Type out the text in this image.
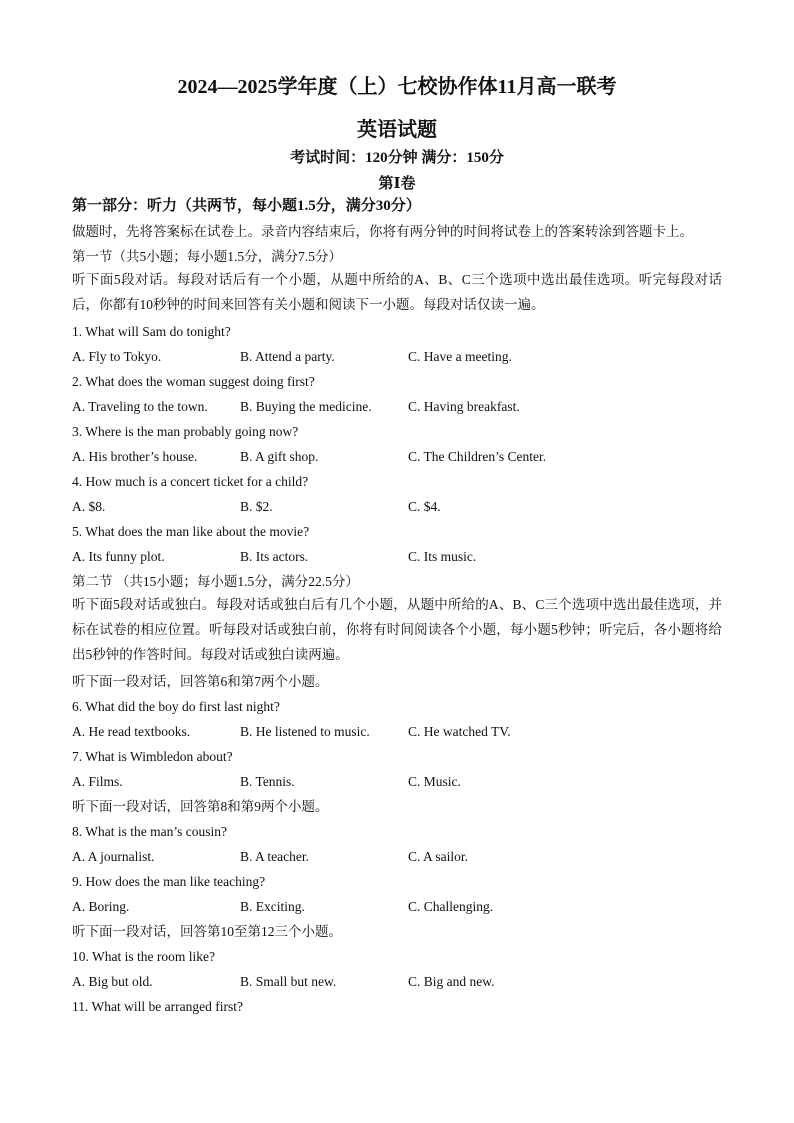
2024—2025学年度（上）七校协作体11月高一联考
英语试题
考试时间：120分钟 满分：150分
第Ⅰ卷
第一部分：听力（共两节，每小题1.5分，满分30分）
做题时，先将答案标在试卷上。录音内容结束后，你将有两分钟的时间将试卷上的答案转涂到答题卡上。
第一节（共5小题；每小题1.5分，满分7.5分）
听下面5段对话。每段对话后有一个小题，从题中所给的A、B、C三个选项中选出最佳选项。听完每段对话后，你都有10秒钟的时间来回答有关小题和阅读下一小题。每段对话仅读一遍。
1. What will Sam do tonight?
A. Fly to Tokyo.	B. Attend a party.	C. Have a meeting.
2. What does the woman suggest doing first?
A. Traveling to the town. B. Buying the medicine.	C. Having breakfast.
3. Where is the man probably going now?
A. His brother’s house.	B. A gift shop.	C. The Children’s Center.
4. How much is a concert ticket for a child?
A. $8.	B. $2.	C. $4.
5. What does the man like about the movie?
A. Its funny plot.	B. Its actors.	C. Its music.
第二节 （共15小题；每小题1.5分，满分22.5分）
听下面5段对话或独白。每段对话或独白后有几个小题，从题中所给的A、B、C三个选项中选出最佳选项，并标在试卷的相应位置。听每段对话或独白前，你将有时间阅读各个小题，每小题5秒钟；听完后，各小题将给出5秒钟的作答时间。每段对话或独白读两遍。
听下面一段对话，回答第6和第7两个小题。
6. What did the boy do first last night?
A. He read textbooks.	B. He listened to music.	C. He watched TV.
7. What is Wimbledon about?
A. Films.	B. Tennis.	C. Music.
听下面一段对话，回答第8和第9两个小题。
8. What is the man’s cousin?
A. A journalist.	B. A teacher.	C. A sailor.
9. How does the man like teaching?
A. Boring.	B. Exciting.	C. Challenging.
听下面一段对话，回答第10至第12三个小题。
10. What is the room like?
A. Big but old.	B. Small but new.	C. Big and new.
11. What will be arranged first?
